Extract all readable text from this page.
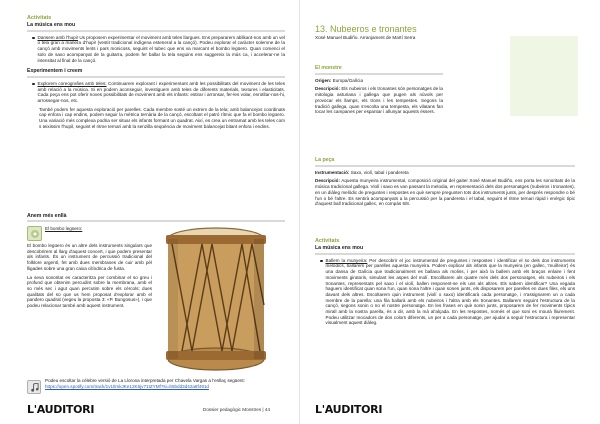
Activitats
La música ens mou
Dansem amb l'hupi! Us proposem experimentar el moviment amb teles llargues. Ens prepararem ablikant-nos amb un vel o tela gran a manera d'hupi! (vestit tradicional indígena esteneral a la cançó). Podeu explorar el caràcter solemne de la cançó amb moviments lents i pars monicoss, seguint el tubec que ens va marcant el bombo legüero. Quan comenci el solo de saxo acompanyat de la guitarra, podem fer ballar la tela seguins ens suggereix la mús ca, i accelerar-ne la intensitat al final de la cançó.
Experimentem i creem
Explorem coreografies amb teles: Continuarem explorant i experimentant amb les possibilitats del moviment de les teles amb relació a la música. Si en podem aconseguir, investiguem amb teles de diferents materials, textures i elasticitats. Cada peça ens pot oferir noves possibilitats de moviment amb els infants: estirar i arronsar, fer-les volar, enrotllar-nos-hi, arrossegar-nos, etc.

També podem fer aquesta exploració per parelles. Cada membre sosté un extrem de la tela; amb balancejos coordinats cap enfora i cap endins, podem seguir la mètrica ternària de la cançó, escoltant el patró rítmic que fa el bombo legüero. Una variació més complexa podria ser situar els infants formant un quadrat. Així, es crea un entramat amb les teles com s teixissim l'hupil, seguint el ritme ternari amb la senzilla seqüència de moviment balancejat bitant enfora i endins.

Anem més enllà
El bombo legüero:

El bombo legüero és un altre dels instruments singulars que descobrirem al llarg d'aquest concert, i que podem presentar als infants. És un instrument de percussió tradicional del folklore argentí, fet amb dues membranes de cuir amb pèl lligades sobre una gran caixa cilíndrica de fusta.

La seva sonoritat es caracteritza per combinar el so greu i profund que obtenim percudint sobre la membrana, amb el so més sec i agut quan percutim sobre els cèrcols; dues qualitats del so que us hem proposat d'explorar amb el pandero quadrat (vegeu la proposta 3: «P. Bungosus»), i que podeu relacionar també amb aquest instrument.

Podeu escoltar la cèlebre versió de La Llorona interpretada per Chavela Vargas a l'enllaç següent:
https://open.spotify.com/track/1v1tlmkJKe12K6jv71tZYMf?si=b5bdd3d42a8f491d
L'AUDITORI	Dossier pedagògic Monstres | 44
13. Nubeeros e tronantes
Xosé Manuel Budiño. Arranjament de Martí Serra
El monstre
Origen: Europa/Galícia

Descripció: Els nubeiros i els tronantes són personatges de la mitologia asturiana i gallega que pugen als núvols per provocar els llamps, els trons i les tempestes. Segons la tradició gallega, quan s'escolta una tempesta, els vilatans fan tocar les campanes per espantar i allunyar aquests éssers.

La peça
Instrumentació: Saxo, violí, tabal i pandereta

Descripció: Aquesta munyeira instrumental, composició original del gaiter Xosé Manuel Budiño, ens porta les sonoritats de la música tradicional gallega. Violí i saxo es van passant la melodia, en representació dels dos personatges (nubeiros i tronantes), en un diàleg melòdic de preguntes i respostes en què sempre pregunten tots dos instruments junts, per després respondre o bé l'un o bé l'altre. Es sentirà acompanyats a la percussió per la pandereta i el tabal, seguint el ritme ternari ràpid i enèrgic típic d'aquest ball tradicional gallec, en compàs 6/8.

Activitats
La música ens mou
Ballem la munyeira: Per descobrir el joc instrumental de preguntes i respostes i identificar el so dels dos instruments melòdics, ballarem per parelles aquesta munyeira. Podem explicar als infants que la munyeira (en gallec, 'muiñeira') és una dansa de Galícia que tradicionalment es ballava als molins, i per això la ballem amb els braços enlaire i fent moviments giratoris, simulant les aspes del molí. Escolllarem als quatre més dels dos personatges, els nubeiros i els tronantes, representats pel saxo i el violí, ballen responent-se els uns als altres. Els sabem identificar? Una vegada haguem identificat quan sona l'un, quan sona l'altre i quan sonen junts, els disposarem per parelles en dues files, els uns davant dels altres. Escoltarem quin instrument (violí o saxo) identificarà cada personatge, i n'assignarem un a cada membre de la parella: una fila ballarà amb els nubeiros i l'altra amb els tronantes. Ballarem seguint l'estructura de la cançó, segons sonin o no el nostre personatge. En les frases en què sonin junts, proposarem de fer moviments típics mirall amb la nostra parella, és a dir, amb la mà al'alçada. En les respostes, només el que soni es mourà lliurement. Podeu utilitzar mocadors de dos colors diferents, un per a cada personatge, per ajudar a seguir l'estructura i representar visualment aquest diàleg.
L'AUDITORI
